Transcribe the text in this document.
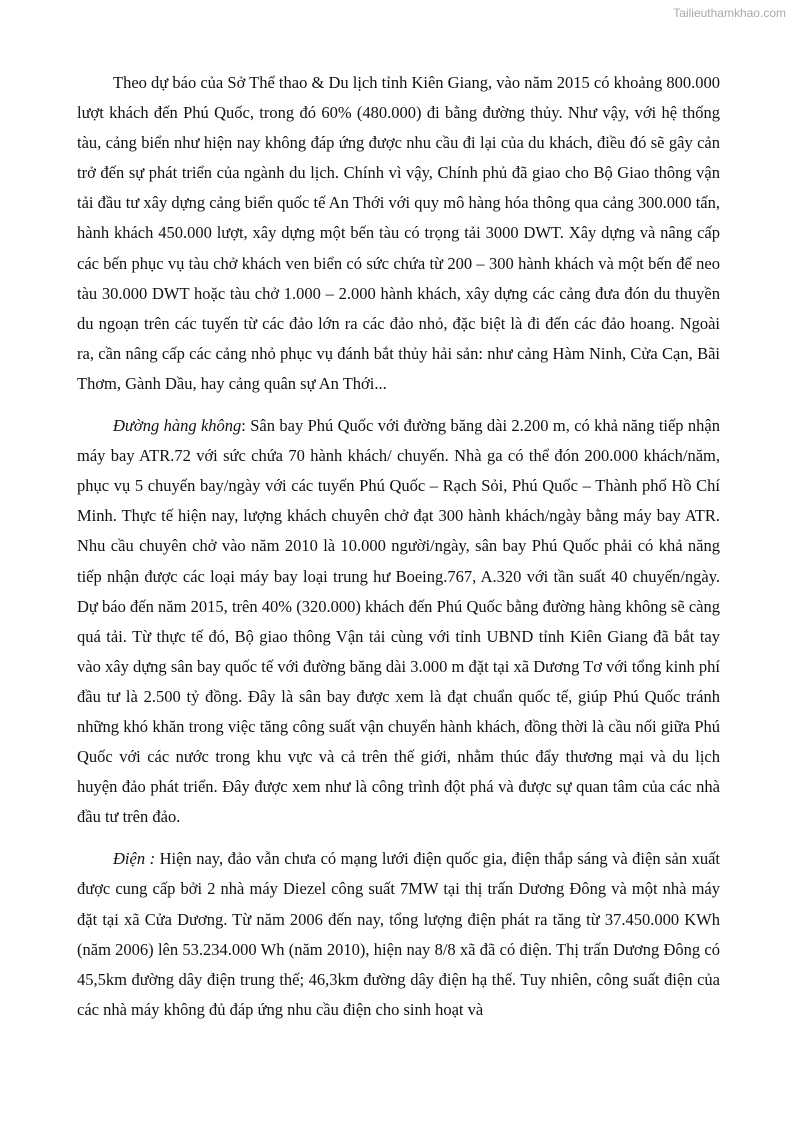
Tailieuthamkhao.com

Theo dự báo của Sở Thể thao & Du lịch tỉnh Kiên Giang, vào năm 2015 có khoảng 800.000 lượt khách đến Phú Quốc, trong đó 60% (480.000) đi bằng đường thủy. Như vậy, với hệ thống tàu, cảng biển như hiện nay không đáp ứng được nhu cầu đi lại của du khách, điều đó sẽ gây cản trở đến sự phát triển của ngành du lịch. Chính vì vậy, Chính phủ đã giao cho Bộ Giao thông vận tải đầu tư xây dựng cảng biển quốc tế An Thới với quy mô hàng hóa thông qua cảng 300.000 tấn, hành khách 450.000 lượt, xây dựng một bến tàu có trọng tải 3000 DWT. Xây dựng và nâng cấp các bến phục vụ tàu chở khách ven biển có sức chứa từ 200 – 300 hành khách và một bến để neo tàu 30.000 DWT hoặc tàu chở 1.000 – 2.000 hành khách, xây dựng các cảng đưa đón du thuyền du ngoạn trên các tuyến từ các đảo lớn ra các đảo nhỏ, đặc biệt là đi đến các đảo hoang. Ngoài ra, cần nâng cấp các cảng nhỏ phục vụ đánh bắt thủy hải sản: như cảng Hàm Ninh, Cửa Cạn, Bãi Thơm, Gành Dầu, hay cảng quân sự An Thới...

Đường hàng không: Sân bay Phú Quốc với đường băng dài 2.200 m, có khả năng tiếp nhận máy bay ATR.72 với sức chứa 70 hành khách/ chuyến. Nhà ga có thể đón 200.000 khách/năm, phục vụ 5 chuyến bay/ngày với các tuyến Phú Quốc – Rạch Sỏi, Phú Quốc – Thành phố Hồ Chí Minh. Thực tế hiện nay, lượng khách chuyên chở đạt 300 hành khách/ngày bằng máy bay ATR. Nhu cầu chuyên chở vào năm 2010 là 10.000 người/ngày, sân bay Phú Quốc phải có khả năng tiếp nhận được các loại máy bay loại trung hư Boeing.767, A.320 với tần suất 40 chuyến/ngày. Dự báo đến năm 2015, trên 40% (320.000) khách đến Phú Quốc bằng đường hàng không sẽ càng quá tải. Từ thực tế đó, Bộ giao thông Vận tải cùng với tỉnh UBND tỉnh Kiên Giang đã bắt tay vào xây dựng sân bay quốc tế với đường băng dài 3.000 m đặt tại xã Dương Tơ với tổng kinh phí đầu tư là 2.500 tỷ đồng. Đây là sân bay được xem là đạt chuẩn quốc tế, giúp Phú Quốc tránh những khó khăn trong việc tăng công suất vận chuyển hành khách, đồng thời là cầu nối giữa Phú Quốc với các nước trong khu vực và cả trên thế giới, nhằm thúc đẩy thương mại và du lịch huyện đảo phát triển. Đây được xem như là công trình đột phá và được sự quan tâm của các nhà đầu tư trên đảo.

Điện : Hiện nay, đảo vẫn chưa có mạng lưới điện quốc gia, điện thắp sáng và điện sản xuất được cung cấp bởi 2 nhà máy Diezel công suất 7MW tại thị trấn Dương Đông và một nhà máy đặt tại xã Cửa Dương. Từ năm 2006 đến nay, tổng lượng điện phát ra tăng từ 37.450.000 KWh (năm 2006) lên 53.234.000 Wh (năm 2010), hiện nay 8/8 xã đã có điện. Thị trấn Dương Đông có 45,5km đường dây điện trung thế; 46,3km đường dây điện hạ thế. Tuy nhiên, công suất điện của các nhà máy không đủ đáp ứng nhu cầu điện cho sinh hoạt và
